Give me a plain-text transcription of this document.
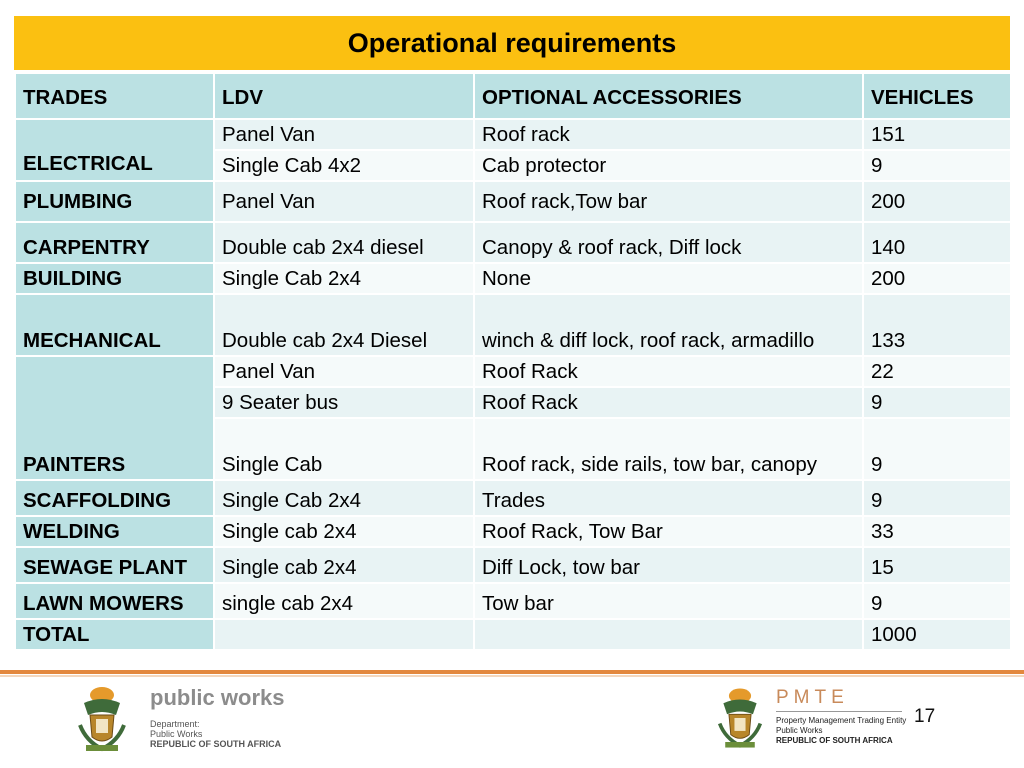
Operational requirements
TRADES	LDV	OPTIONAL ACCESSORIES	VEHICLES
ELECTRICAL	Panel Van	Roof rack	151
	Single Cab 4x2	Cab protector	9
PLUMBING	Panel Van	Roof rack,Tow bar	200
CARPENTRY	Double cab 2x4 diesel	Canopy & roof rack, Diff lock	140
BUILDING	Single Cab 2x4	None	200
MECHANICAL	Double cab 2x4 Diesel	winch & diff lock, roof rack, armadillo	133
PAINTERS	Panel Van	Roof Rack	22
	9 Seater bus	Roof Rack	9
	Single Cab	Roof rack, side rails, tow bar, canopy	9
SCAFFOLDING	Single Cab 2x4	Trades	9
WELDING	Single cab 2x4	Roof Rack, Tow Bar	33
SEWAGE PLANT	Single cab 2x4	Diff Lock, tow bar	15
LAWN MOWERS	single cab 2x4	Tow bar	9
TOTAL			1000
public works
Department:
Public Works
REPUBLIC OF SOUTH AFRICA
PMTE
Property Management Trading Entity
Public Works
REPUBLIC OF SOUTH AFRICA
17
